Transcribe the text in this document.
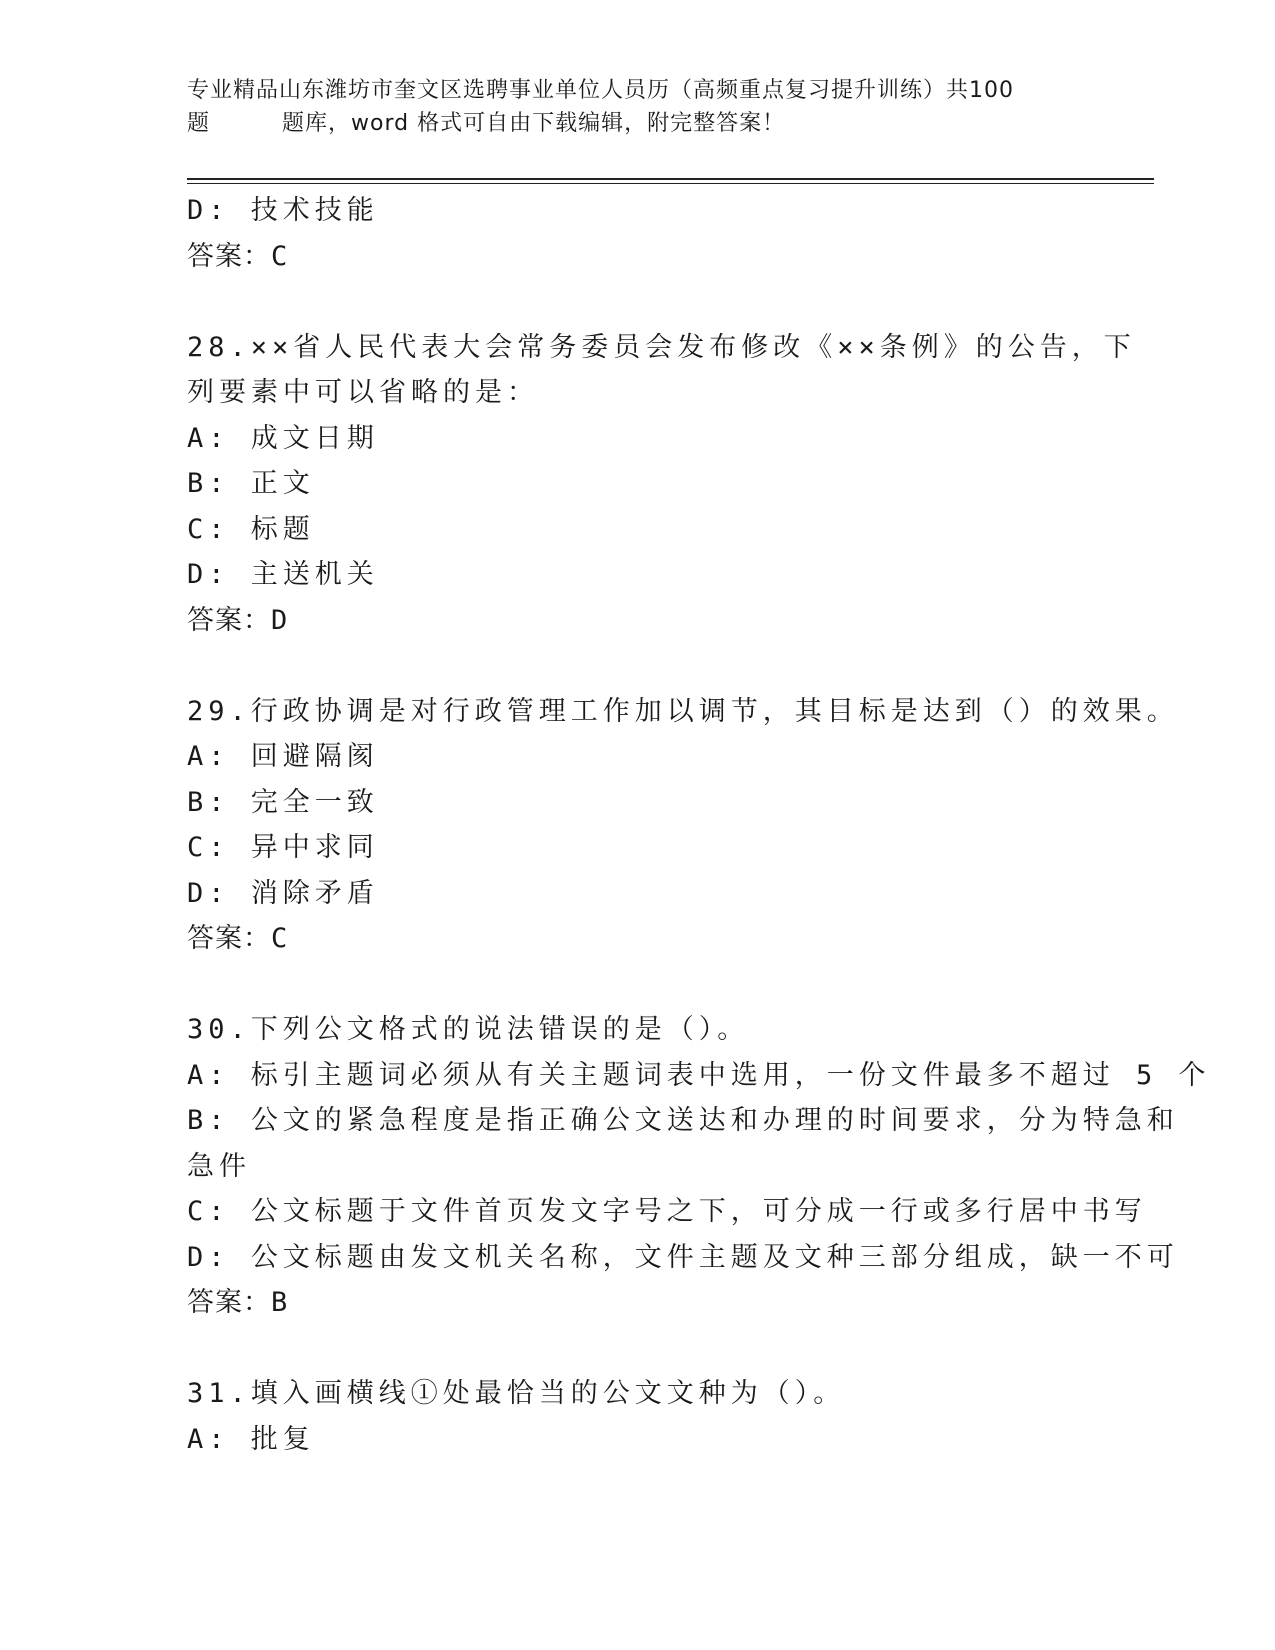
专业精品山东潍坊市奎文区选聘事业单位人员历（高频重点复习提升训练）共100
题	题库，word 格式可自由下载编辑，附完整答案！
D: 技术技能
答案：C
28.××省人民代表大会常务委员会发布修改《××条例》的公告，下
列要素中可以省略的是：
A: 成文日期
B: 正文
C: 标题
D: 主送机关
答案：D
29.行政协调是对行政管理工作加以调节，其目标是达到（）的效果。
A: 回避隔阂
B: 完全一致
C: 异中求同
D: 消除矛盾
答案：C
30.下列公文格式的说法错误的是（）。
A: 标引主题词必须从有关主题词表中选用，一份文件最多不超过 5 个
B: 公文的紧急程度是指正确公文送达和办理的时间要求，分为特急和
急件
C: 公文标题于文件首页发文字号之下，可分成一行或多行居中书写
D: 公文标题由发文机关名称，文件主题及文种三部分组成，缺一不可
答案：B
31.填入画横线①处最恰当的公文文种为（）。
A: 批复
